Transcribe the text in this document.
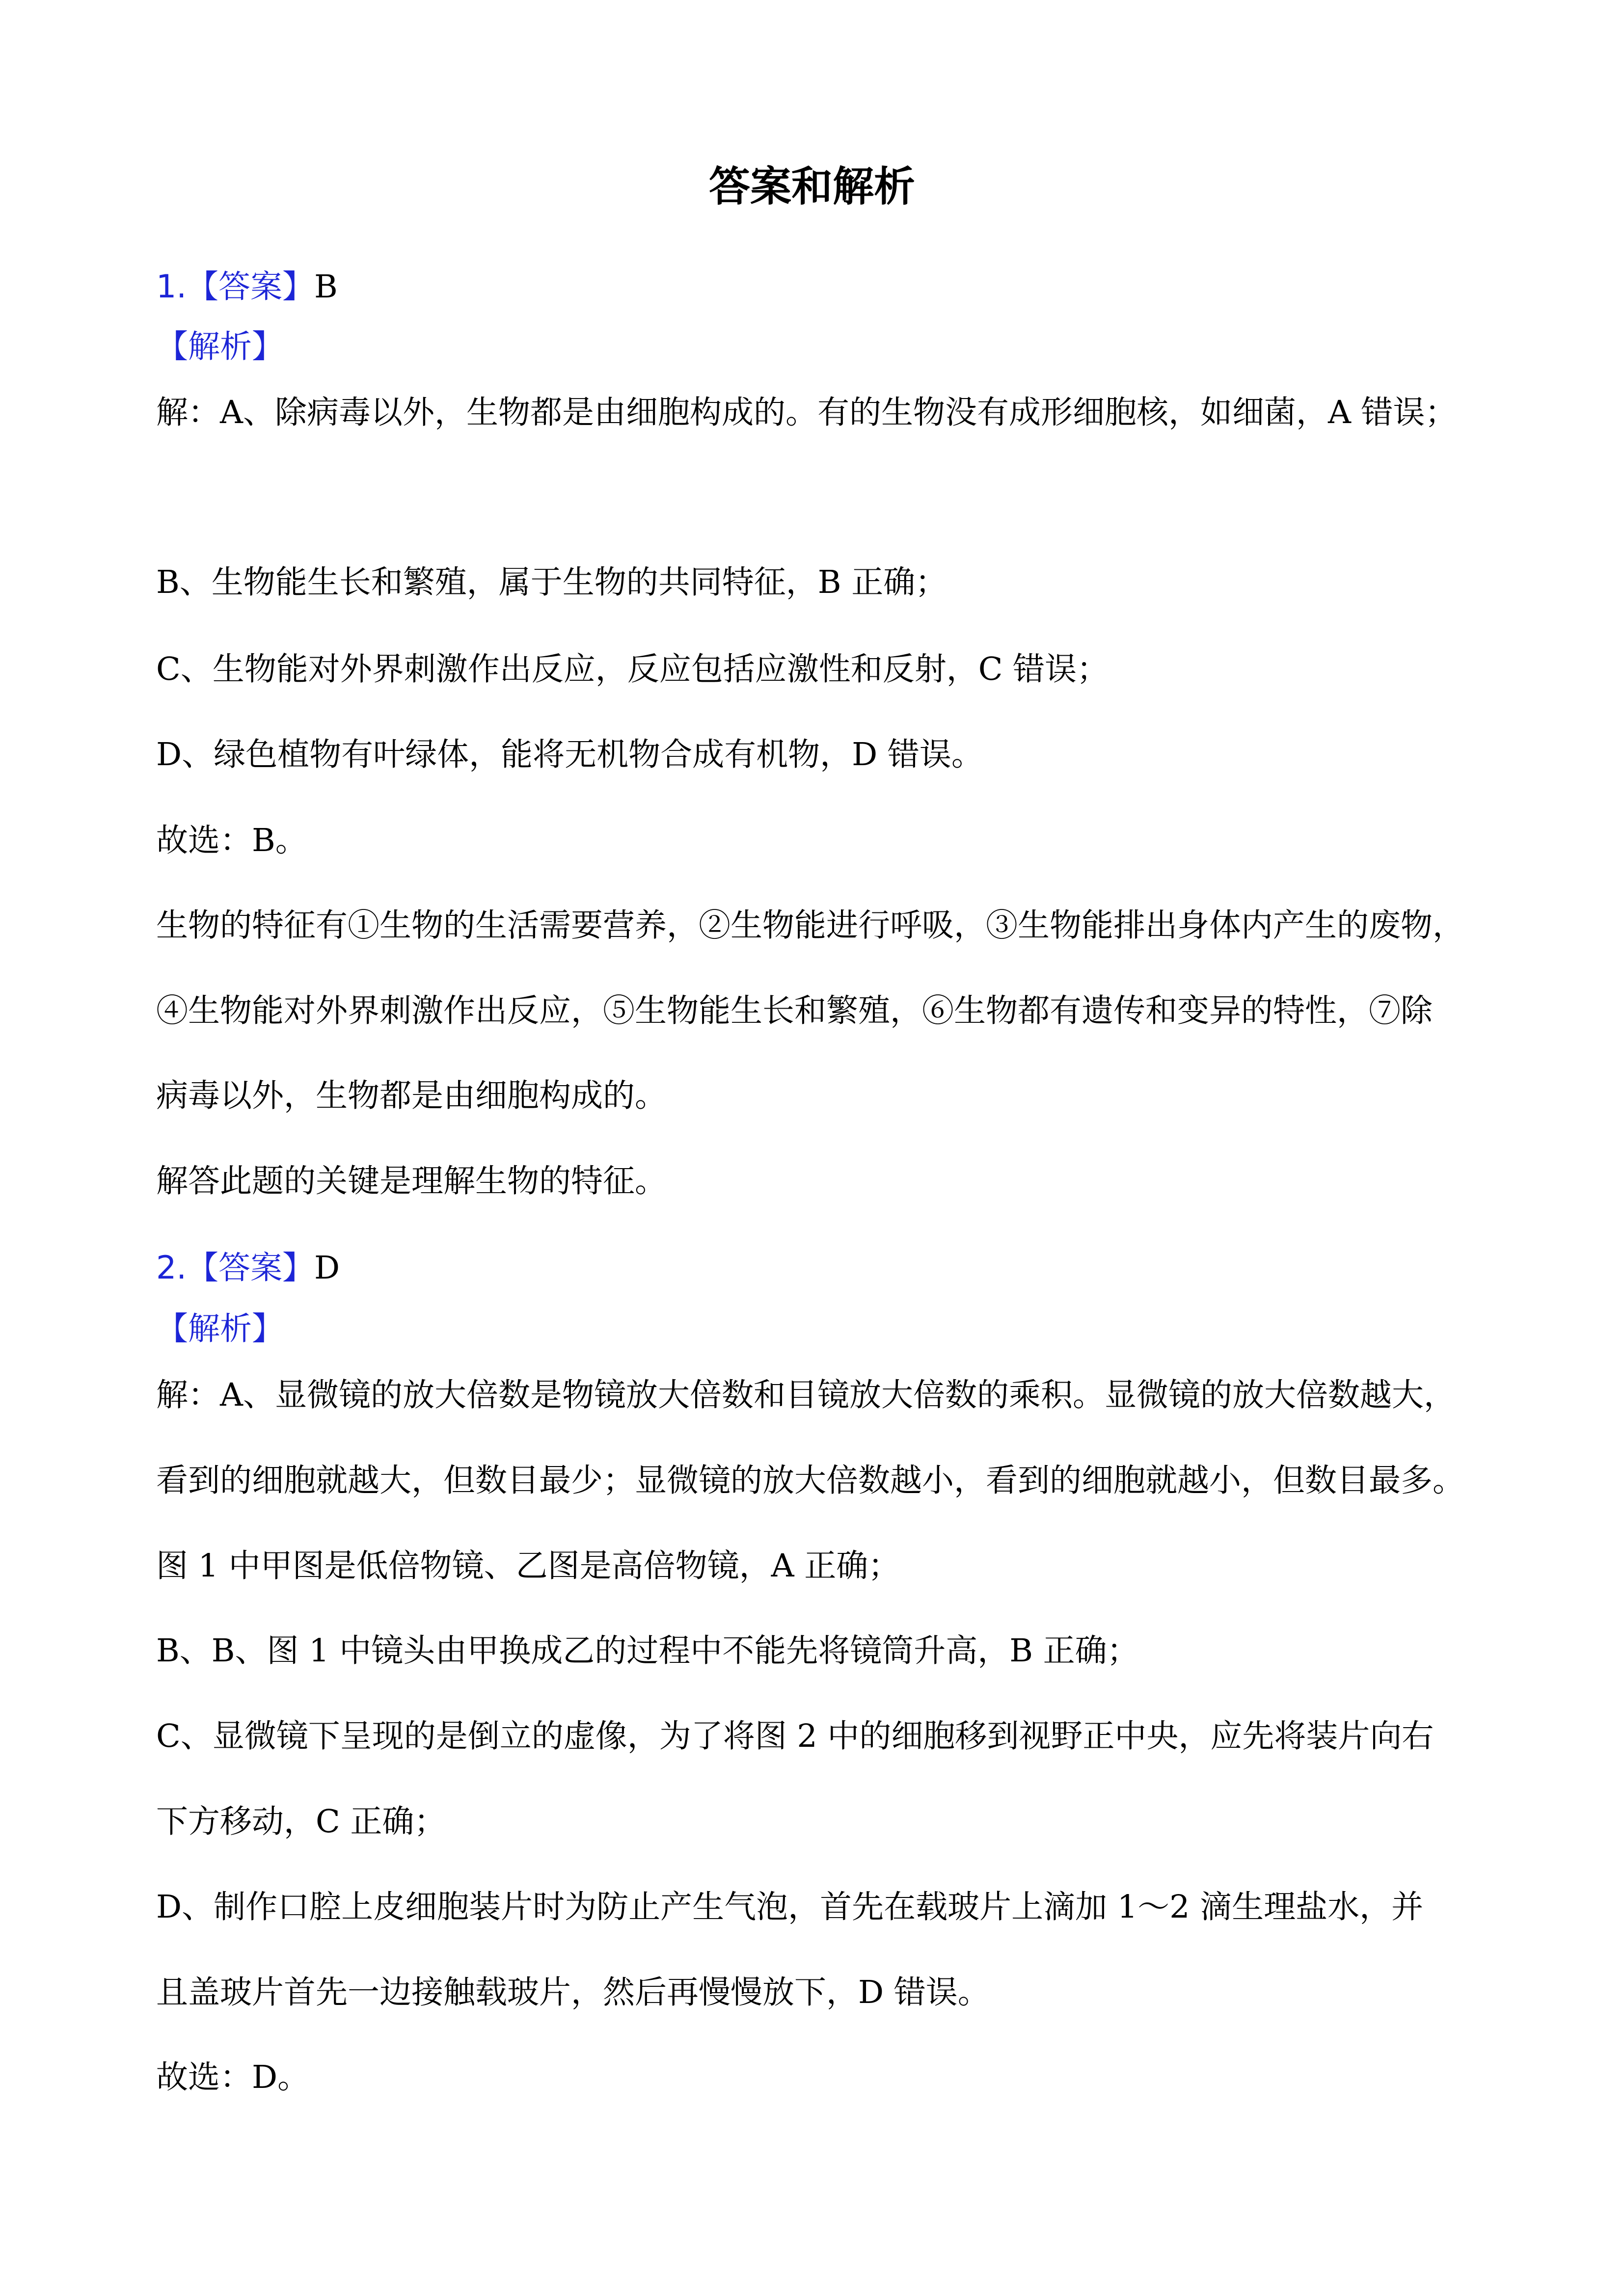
答案和解析
1.【答案】B
【解析】
解：A、除病毒以外，生物都是由细胞构成的。有的生物没有成形细胞核，如细菌，A 错误；
B、生物能生长和繁殖，属于生物的共同特征，B 正确；
C、生物能对外界刺激作出反应，反应包括应激性和反射，C 错误；
D、绿色植物有叶绿体，能将无机物合成有机物，D 错误。
故选：B。
生物的特征有①生物的生活需要营养，②生物能进行呼吸，③生物能排出身体内产生的废物，
④生物能对外界刺激作出反应，⑤生物能生长和繁殖，⑥生物都有遗传和变异的特性，⑦除
病毒以外，生物都是由细胞构成的。
解答此题的关键是理解生物的特征。
2.【答案】D
【解析】
解：A、显微镜的放大倍数是物镜放大倍数和目镜放大倍数的乘积。显微镜的放大倍数越大，
看到的细胞就越大，但数目最少；显微镜的放大倍数越小，看到的细胞就越小，但数目最多。
图 1 中甲图是低倍物镜、乙图是高倍物镜，A 正确；
B、B、图 1 中镜头由甲换成乙的过程中不能先将镜筒升高，B 正确；
C、显微镜下呈现的是倒立的虚像，为了将图 2 中的细胞移到视野正中央，应先将装片向右
下方移动，C 正确；
D、制作口腔上皮细胞装片时为防止产生气泡，首先在载玻片上滴加 1～2 滴生理盐水，并
且盖玻片首先一边接触载玻片，然后再慢慢放下，D 错误。
故选：D。
